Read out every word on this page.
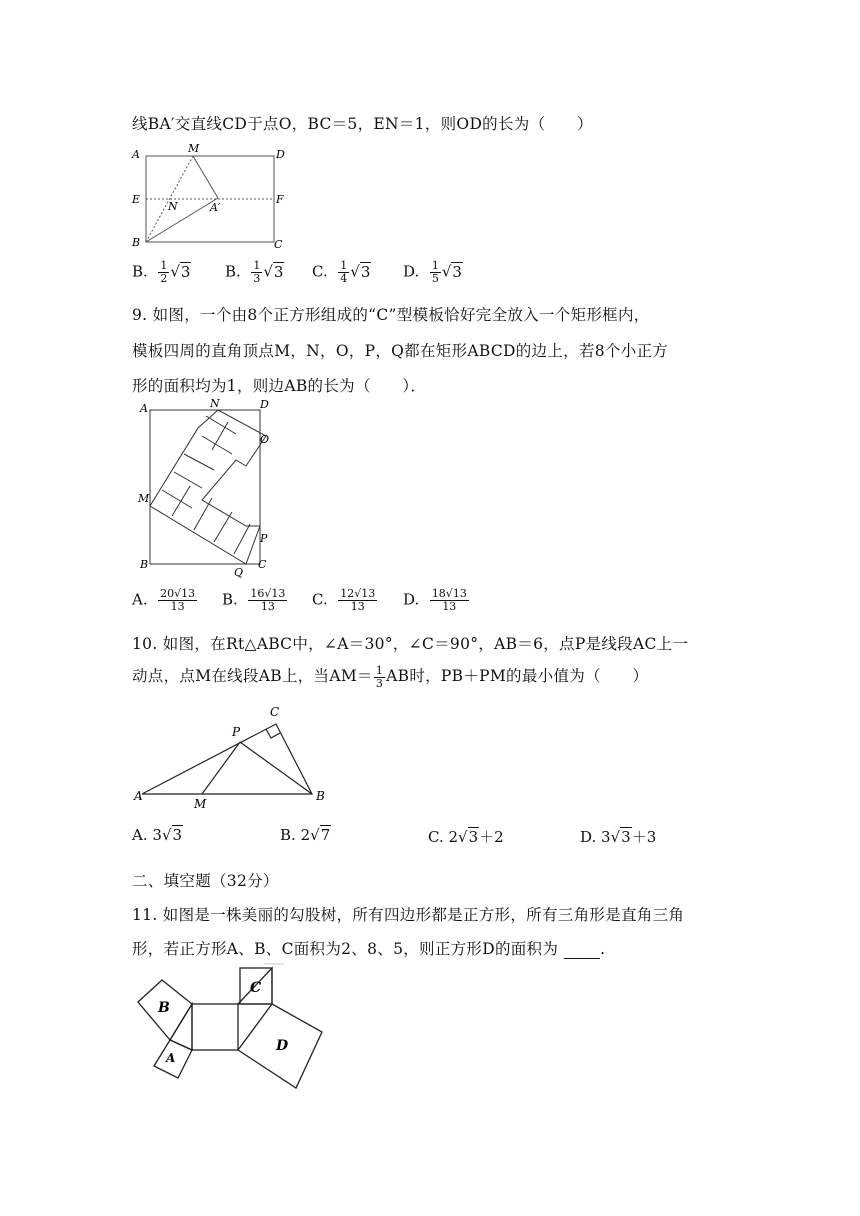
线BA′交直线CD于点O，BC＝5，EN＝1，则OD的长为（　　）
A	M	D
E
N	A′
F
B	C
B. $\frac{1}{2} √3$ B. $\frac{1}{3} √3$ C. $\frac{1}{4} √3$ D. $\frac{1}{5} √3$
9. 如图，一个由8个正方形组成的“C”型模板恰好完全放入一个矩形框内，
模板四周的直角顶点M，N，O，P，Q都在矩形ABCD的边上，若8个小正方
形的面积均为1，则边AB的长为（　　）．
A	N	D
O
M
P
B
Q
C
A. $\frac{20√13}{13} B$. $\frac{16√13}{13} C$. $\frac{12√13}{13} D$. $\frac{18√13}{13}$
10. 如图，在Rt△ABC中，∠A＝30°，∠C＝90°，AB＝6，点P是线段AC上一
动点，点M在线段AB上，当$AM= \frac{1}{3}$ AB时，PB＋PM的最小值为（　　）
C
P
A
M
B
A. 3√3	B. 2√7	C. 2√3＋2	D. 3√3＋3
二、填空题（32分）
11. 如图是一株美丽的勾股树，所有四边形都是正方形，所有三角形是直角三角
形，若正方形A、B、C面积为2、8、5，则正方形D的面积为	.
C
B
D
A
